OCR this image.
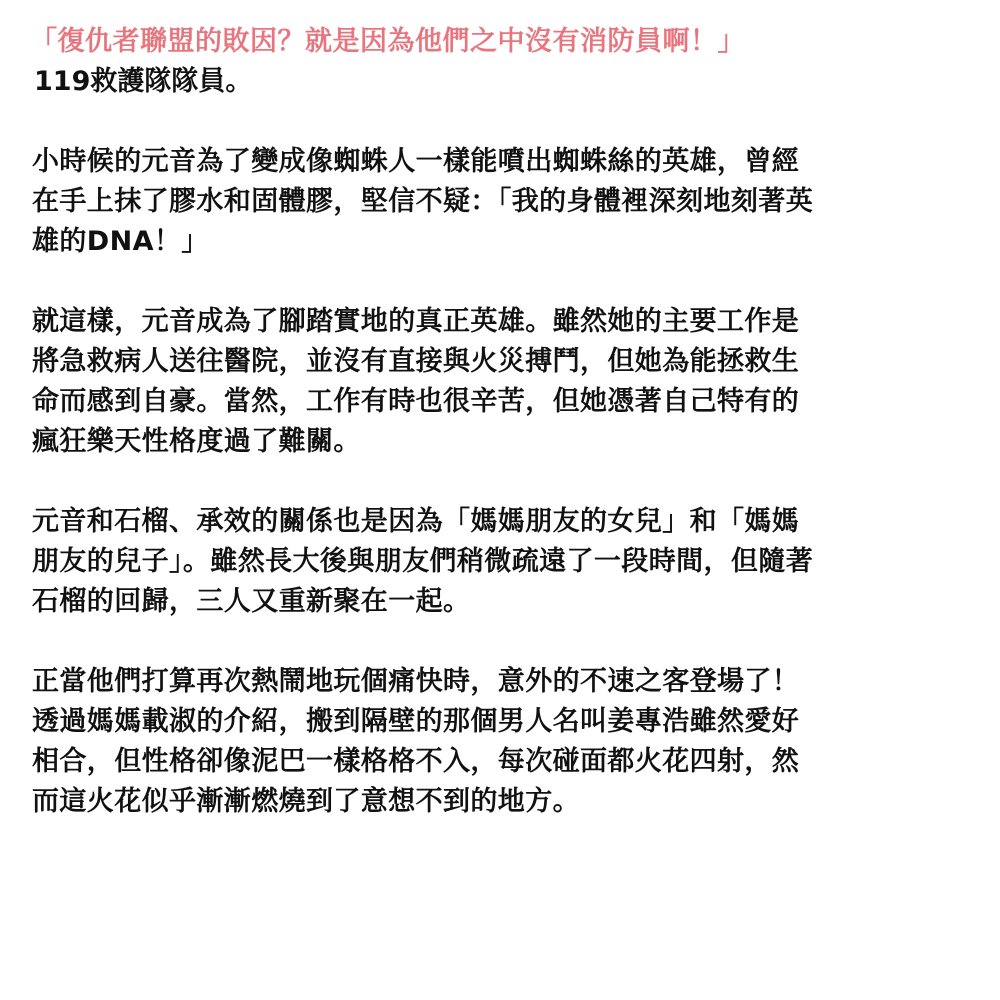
「復仇者聯盟的敗因？就是因為他們之中沒有消防員啊！」

119救護隊隊員。

小時候的元音為了變成像蜘蛛人一樣能噴出蜘蛛絲的英雄，曾經
在手上抹了膠水和固體膠，堅信不疑：「我的身體裡深刻地刻著英
雄的DNA！」
就這樣，元音成為了腳踏實地的真正英雄。雖然她的主要工作是
將急救病人送往醫院，並沒有直接與火災搏鬥，但她為能拯救生
命而感到自豪。當然，工作有時也很辛苦，但她憑著自己特有的
瘋狂樂天性格度過了難關。
元音和石榴、承效的關係也是因為「媽媽朋友的女兒」和「媽媽
朋友的兒子」。雖然長大後與朋友們稍微疏遠了一段時間，但隨著
石榴的回歸，三人又重新聚在一起。
正當他們打算再次熱鬧地玩個痛快時，意外的不速之客登場了！
透過媽媽載淑的介紹，搬到隔壁的那個男人名叫姜專浩雖然愛好
相合，但性格卻像泥巴一樣格格不入，每次碰面都火花四射，然
而這火花似乎漸漸燃燒到了意想不到的地方。
